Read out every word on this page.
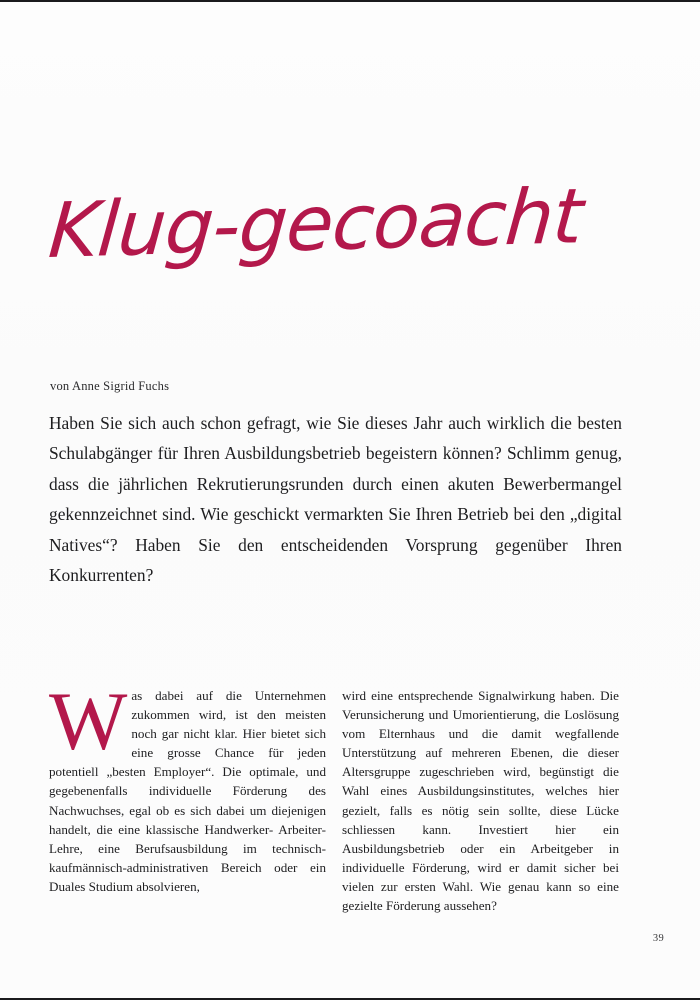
Klug-gecoacht
von Anne Sigrid Fuchs

Haben Sie sich auch schon gefragt, wie Sie dieses Jahr auch wirklich die besten Schulabgänger für Ihren Ausbildungsbetrieb begeistern können? Schlimm genug, dass die jährlichen Rekrutierungsrunden durch einen akuten Bewerbermangel gekennzeichnet sind. Wie geschickt vermarkten Sie Ihren Betrieb bei den „digital Natives“? Haben Sie den entscheidenden Vorsprung gegenüber Ihren Konkurrenten?

W as dabei auf die Unternehmen zukommen wird, ist den meisten noch gar nicht klar. Hier bietet sich eine grosse Chance für jeden potentiell „besten Employer“. Die optimale, und gegebenenfalls individuelle Förderung des Nachwuchses, egal ob es sich dabei um diejenigen handelt, die eine klassische Handwerker- Arbeiter-Lehre, eine Berufsausbildung im technisch-kaufmännisch-administrativen Bereich oder ein Duales Studium absolvieren,

wird eine entsprechende Signalwirkung haben. Die Verunsicherung und Umorientierung, die Loslösung vom Elternhaus und die damit wegfallende Unterstützung auf mehreren Ebenen, die dieser Altersgruppe zugeschrieben wird, begünstigt die Wahl eines Ausbildungsinstitutes, welches hier gezielt, falls es nötig sein sollte, diese Lücke schliessen kann. Investiert hier ein Ausbildungsbetrieb oder ein Arbeitgeber in individuelle Förderung, wird er damit sicher bei vielen zur ersten Wahl. Wie genau kann so eine gezielte Förderung aussehen?

39
